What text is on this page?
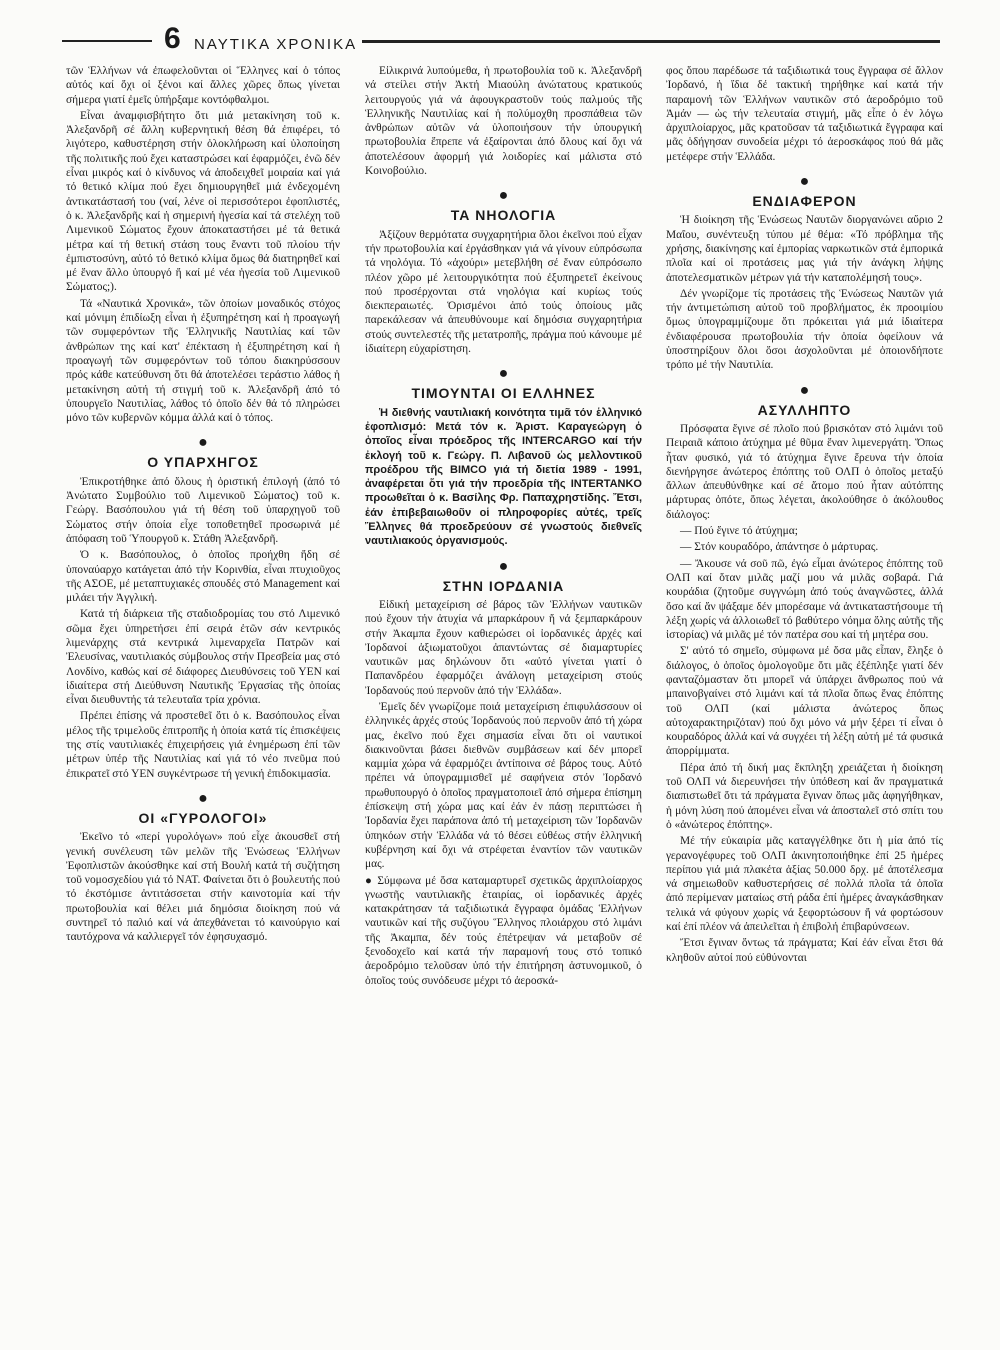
6 ΝΑΥΤΙΚΑ ΧΡΟΝΙΚΑ

τῶν Ἑλλήνων νά ἐπωφελοῦνται οἱ Ἕλληνες καί ὁ τόπος αὐτός καί ὄχι οἱ ξένοι καί ἄλλες χῶρες ὅπως γίνεται σήμερα γιατί ἐμεῖς ὑπήρξαμε κοντόφθαλμοι.

Εἶναι ἀναμφισβήτητο ὅτι μιά μετακίνηση τοῦ κ. Ἀλεξανδρῆ σέ ἄλλη κυβερνητική θέση θά ἐπιφέρει, τό λιγότερο, καθυστέρηση στήν ὁλοκλήρωση καί ὑλοποίηση τῆς πολιτικῆς πού ἔχει καταστρώσει καί ἐφαρμόζει, ἐνῶ δέν εἶναι μικρός καί ὁ κίνδυνος νά ἀποδειχθεῖ μοιραία καί γιά τό θετικό κλίμα πού ἔχει δημιουργηθεῖ μιά ἐνδεχομένη ἀντικατάστασή του (ναί, λένε οἱ περισσότεροι ἐφοπλιστές, ὁ κ. Ἀλεξανδρῆς καί ἡ σημερινή ἡγεσία καί τά στελέχη τοῦ Λιμενικοῦ Σώματος ἔχουν ἀποκαταστήσει μέ τά θετικά μέτρα καί τή θετική στάση τους ἔναντι τοῦ πλοίου τήν ἐμπιστοσύνη, αὐτό τό θετικό κλίμα ὅμως θά διατηρηθεῖ καί μέ ἕναν ἄλλο ὑπουργό ἤ καί μέ νέα ἡγεσία τοῦ Λιμενικοῦ Σώματος;).

Τά «Ναυτικά Χρονικά», τῶν ὁποίων μοναδικός στόχος καί μόνιμη ἐπιδίωξη εἶναι ἡ ἐξυπηρέτηση καί ἡ προαγωγή τῶν συμφερόντων τῆς Ἑλληνικῆς Ναυτιλίας καί τῶν ἀνθρώπων της καί κατ' ἐπέκταση ἡ ἐξυπηρέτηση καί ἡ προαγωγή τῶν συμφερόντων τοῦ τόπου διακηρύσσουν πρός κάθε κατεύθυνση ὅτι θά ἀποτελέσει τεράστιο λάθος ἡ μετακίνηση αὐτή τή στιγμή τοῦ κ. Ἀλεξανδρῆ ἀπό τό ὑπουργεῖο Ναυτιλίας, λάθος τό ὁποῖο δέν θά τό πληρώσει μόνο τῶν κυβερνῶν κόμμα ἀλλά καί ὁ τόπος.

●
Ο ΥΠΑΡΧΗΓΟΣ

Ἐπικροτήθηκε ἀπό ὅλους ἡ ὁριστική ἐπιλογή (ἀπό τό Ἀνώτατο Συμβούλιο τοῦ Λιμενικοῦ Σώματος) τοῦ κ. Γεώργ. Βασόπουλου γιά τή θέση τοῦ ὑπαρχηγοῦ τοῦ Σώματος στήν ὁποία εἶχε τοποθετηθεῖ προσωρινά μέ ἀπόφαση τοῦ Ὑπουργοῦ κ. Στάθη Ἀλεξανδρῆ.

Ὁ κ. Βασόπουλος, ὁ ὁποῖος προήχθη ἤδη σέ ὑποναύαρχο κατάγεται ἀπό τήν Κορινθία, εἶναι πτυχιοῦχος τῆς ΑΣΟΕ, μέ μεταπτυχιακές σπουδές στό Management καί μιλάει τήν Ἀγγλική.

Κατά τή διάρκεια τῆς σταδιοδρομίας του στό Λιμενικό σῶμα ἔχει ὑπηρετήσει ἐπί σειρά ἐτῶν σάν κεντρικός λιμενάρχης στά κεντρικά λιμεναρχεῖα Πατρῶν καί Ἐλευσίνας, ναυτιλιακός σύμβουλος στήν Πρεσβεία μας στό Λονδίνο, καθώς καί σέ διάφορες Διευθύνσεις τοῦ ΥΕΝ καί ἰδιαίτερα στή Διεύθυνση Ναυτικῆς Ἐργασίας τῆς ὁποίας εἶναι διευθυντής τά τελευταῖα τρία χρόνια.

Πρέπει ἐπίσης νά προστεθεῖ ὅτι ὁ κ. Βασόπουλος εἶναι μέλος τῆς τριμελοῦς ἐπιτροπῆς ἡ ὁποία κατά τίς ἐπισκέψεις της στίς ναυτιλιακές ἐπιχειρήσεις γιά ἐνημέρωση ἐπί τῶν μέτρων ὑπέρ τῆς Ναυτιλίας καί γιά τό νέο πνεῦμα πού ἐπικρατεῖ στό ΥΕΝ συγκέντρωσε τή γενική ἐπιδοκιμασία.

●
ΟΙ «ΓΥΡΟΛΟΓΟΙ»

Ἐκεῖνο τό «περί γυρολόγων» πού εἶχε ἀκουσθεῖ στή γενική συνέλευση τῶν μελῶν τῆς Ἑνώσεως Ἑλλήνων Ἐφοπλιστῶν ἀκούσθηκε καί στή Βουλή κατά τή συζήτηση τοῦ νομοσχεδίου γιά τό ΝΑΤ. Φαίνεται ὅτι ὁ βουλευτής πού τό ἐκστόμισε ἀντιτάσσεται στήν καινοτομία καί τήν πρωτοβουλία καί θέλει μιά δημόσια διοίκηση πού νά συντηρεῖ τό παλιό καί νά ἀπεχθάνεται τό καινούργιο καί ταυτόχρονα νά καλλιεργεῖ τόν ἐφησυχασμό.

Εἰλικρινά λυπούμεθα, ἡ πρωτοβουλία τοῦ κ. Ἀλεξανδρῆ νά στείλει στήν Ἀκτή Μιαούλη ἀνώτατους κρατικούς λειτουργούς γιά νά ἀφουγκραστοῦν τούς παλμούς τῆς Ἑλληνικῆς Ναυτιλίας καί ἡ πολύμοχθη προσπάθεια τῶν ἀνθρώπων αὐτῶν νά ὑλοποιήσουν τήν ὑπουργική πρωτοβουλία ἔπρεπε νά ἐξαίρονται ἀπό ὅλους καί ὄχι νά ἀποτελέσουν ἀφορμή γιά λοιδορίες καί μάλιστα στό Κοινοβούλιο.

●
ΤΑ ΝΗΟΛΟΓΙΑ

Ἀξίζουν θερμότατα συγχαρητήρια ὅλοι ἐκεῖνοι πού εἶχαν τήν πρωτοβουλία καί ἐργάσθηκαν γιά νά γίνουν εὐπρόσωπα τά νηολόγια. Τό «ἀχούρι» μετεβλήθη σέ ἕναν εὐπρόσωπο πλέον χῶρο μέ λειτουργικότητα πού ἐξυπηρετεῖ ἐκείνους πού προσέρχονται στά νηολόγια καί κυρίως τούς διεκπεραιωτές. Ὁρισμένοι ἀπό τούς ὁποίους μᾶς παρεκάλεσαν νά ἀπευθύνουμε καί δημόσια συγχαρητήρια στούς συντελεστές τῆς μετατροπῆς, πράγμα πού κάνουμε μέ ἰδιαίτερη εὐχαρίστηση.

●
ΤΙΜΟΥΝΤΑΙ ΟΙ ΕΛΛΗΝΕΣ

Ἡ διεθνής ναυτιλιακή κοινότητα τιμᾶ τόν ἑλληνικό ἐφοπλισμό: Μετά τόν κ. Ἀριστ. Καραγεώργη ὁ ὁποῖος εἶναι πρόεδρος τῆς INTERCARGO καί τήν ἐκλογή τοῦ κ. Γεώργ. Π. Λιβανοῦ ὡς μελλοντικοῦ προέδρου τῆς BIMCO γιά τή διετία 1989 - 1991, ἀναφέρεται ὅτι γιά τήν προεδρία τῆς INTERTANKO προωθεῖται ὁ κ. Βασίλης Φρ. Παπαχρηστίδης. Ἔτσι, ἐάν ἐπιβεβαιωθοῦν οἱ πληροφορίες αὐτές, τρεῖς Ἕλληνες θά προεδρεύουν σέ γνωστούς διεθνεῖς ναυτιλιακούς ὀργανισμούς.

●
ΣΤΗΝ ΙΟΡΔΑΝΙΑ

Εἰδική μεταχείριση σέ βάρος τῶν Ἑλλήνων ναυτικῶν πού ἔχουν τήν ἀτυχία νά μπαρκάρουν ἤ νά ξεμπαρκάρουν στήν Ἀκαμπα ἔχουν καθιερώσει οἱ ἰορδανικές ἀρχές καί Ἰορδανοί ἀξιωματοῦχοι ἀπαντώντας σέ διαμαρτυρίες ναυτικῶν μας δηλώνουν ὅτι «αὐτό γίνεται γιατί ὁ Παπανδρέου ἐφαρμόζει ἀνάλογη μεταχείριση στούς Ἰορδανούς πού περνοῦν ἀπό τήν Ἑλλάδα».

Ἐμεῖς δέν γνωρίζομε ποιά μεταχείριση ἐπιφυλάσσουν οἱ ἑλληνικές ἀρχές στούς Ἰορδανούς πού περνοῦν ἀπό τή χώρα μας, ἐκεῖνο πού ἔχει σημασία εἶναι ὅτι οἱ ναυτικοί διακινοῦνται βάσει διεθνῶν συμβάσεων καί δέν μπορεῖ καμμία χώρα νά ἐφαρμόζει ἀντίποινα σέ βάρος τους. Αὐτό πρέπει νά ὑπογραμμισθεῖ μέ σαφήνεια στόν Ἰορδανό πρωθυπουργό ὁ ὁποῖος πραγματοποιεῖ ἀπό σήμερα ἐπίσημη ἐπίσκεψη στή χώρα μας καί ἐάν ἐν πάσῃ περιπτώσει ἡ Ἰορδανία ἔχει παράπονα ἀπό τή μεταχείριση τῶν Ἰορδανῶν ὑπηκόων στήν Ἑλλάδα νά τό θέσει εὐθέως στήν ἑλληνική κυβέρνηση καί ὄχι νά στρέφεται ἐναντίον τῶν ναυτικῶν μας.

● Σύμφωνα μέ ὅσα καταμαρτυρεῖ σχετικῶς ἀρχιπλοίαρχος γνωστῆς ναυτιλιακῆς ἑταιρίας, οἱ ἰορδανικές ἀρχές κατακράτησαν τά ταξιδιωτικά ἔγγραφα ὁμάδας Ἑλλήνων ναυτικῶν καί τῆς συζύγου Ἕλληνος πλοιάρχου στό λιμάνι τῆς Ἀκαμπα, δέν τούς ἐπέτρεψαν νά μεταβοῦν σέ ξενοδοχεῖο καί κατά τήν παραμονή τους στό τοπικό ἀεροδρόμιο τελοῦσαν ὑπό τήν ἐπιτήρηση ἀστυνομικοῦ, ὁ ὁποῖος τούς συνόδευσε μέχρι τό ἀεροσκά-

φος ὅπου παρέδωσε τά ταξιδιωτικά τους ἔγγραφα σέ ἄλλον Ἰορδανό, ἡ ἴδια δέ τακτική τηρήθηκε καί κατά τήν παραμονή τῶν Ἑλλήνων ναυτικῶν στό ἀεροδρόμιο τοῦ Ἀμάν — ὡς τήν τελευταία στιγμή, μᾶς εἶπε ὁ ἐν λόγω ἀρχιπλοίαρχος, μᾶς κρατοῦσαν τά ταξιδιωτικά ἔγγραφα καί μᾶς ὁδήγησαν συνοδεία μέχρι τό ἀεροσκάφος πού θά μᾶς μετέφερε στήν Ἑλλάδα.

●
ΕΝΔΙΑΦΕΡΟΝ

Ἡ διοίκηση τῆς Ἑνώσεως Ναυτῶν διοργανώνει αὔριο 2 Μαΐου, συνέντευξη τύπου μέ θέμα: «Τό πρόβλημα τῆς χρήσης, διακίνησης καί ἐμπορίας ναρκωτικῶν στά ἐμπορικά πλοῖα καί οἱ προτάσεις μας γιά τήν ἀνάγκη λήψης ἀποτελεσματικῶν μέτρων γιά τήν καταπολέμησή τους».

Δέν γνωρίζομε τίς προτάσεις τῆς Ἑνώσεως Ναυτῶν γιά τήν ἀντιμετώπιση αὐτοῦ τοῦ προβλήματος, ἐκ προοιμίου ὅμως ὑπογραμμίζουμε ὅτι πρόκειται γιά μιά ἰδιαίτερα ἐνδιαφέρουσα πρωτοβουλία τήν ὁποία ὀφείλουν νά ὑποστηρίξουν ὅλοι ὅσοι ἀσχολοῦνται μέ ὁποιονδήποτε τρόπο μέ τήν Ναυτιλία.

●
ΑΣΥΛΛΗΠΤΟ

Πρόσφατα ἔγινε σέ πλοῖο πού βρισκόταν στό λιμάνι τοῦ Πειραιᾶ κάποιο ἀτύχημα μέ θῦμα ἕναν λιμενεργάτη. Ὅπως ἦταν φυσικό, γιά τό ἀτύχημα ἔγινε ἔρευνα τήν ὁποία διενήργησε ἀνώτερος ἐπόπτης τοῦ ΟΛΠ ὁ ὁποῖος μεταξύ ἄλλων ἀπευθύνθηκε καί σέ ἄτομο πού ἦταν αὐτόπτης μάρτυρας ὁπότε, ὅπως λέγεται, ἀκολούθησε ὁ ἀκόλουθος διάλογος:

— Πού ἔγινε τό ἀτύχημα;

— Στόν κουραδόρο, ἀπάντησε ὁ μάρτυρας.

— Ἄκουσε νά σοῦ πῶ, ἐγώ εἶμαι ἀνώτερος ἐπόπτης τοῦ ΟΛΠ καί ὅταν μιλᾶς μαζί μου νά μιλᾶς σοβαρά. Γιά κουράδια (ζητοῦμε συγγνώμη ἀπό τούς ἀναγνῶστες, ἀλλά ὅσο καί ἄν ψάξαμε δέν μπορέσαμε νά ἀντικαταστήσουμε τή λέξη χωρίς νά ἀλλοιωθεῖ τό βαθύτερο νόημα ὅλης αὐτῆς τῆς ἱστορίας) νά μιλᾶς μέ τόν πατέρα σου καί τή μητέρα σου.

Σ' αὐτό τό σημεῖο, σύμφωνα μέ ὅσα μᾶς εἶπαν, ἔληξε ὁ διάλογος, ὁ ὁποῖος ὁμολογοῦμε ὅτι μᾶς ἐξέπληξε γιατί δέν φανταζόμασταν ὅτι μπορεῖ νά ὑπάρχει ἄνθρωπος πού νά μπαινοβγαίνει στό λιμάνι καί τά πλοῖα ὅπως ἕνας ἐπόπτης τοῦ ΟΛΠ (καί μάλιστα ἀνώτερος ὅπως αὐτοχαρακτηριζόταν) πού ὄχι μόνο νά μήν ξέρει τί εἶναι ὁ κουραδόρος ἀλλά καί νά συγχέει τή λέξη αὐτή μέ τά φυσικά ἀπορρίμματα.

Πέρα ἀπό τή δική μας ἔκπληξη χρειάζεται ἡ διοίκηση τοῦ ΟΛΠ νά διερευνήσει τήν ὑπόθεση καί ἄν πραγματικά διαπιστωθεῖ ὅτι τά πράγματα ἔγιναν ὅπως μᾶς ἀφηγήθηκαν, ἡ μόνη λύση πού ἀπομένει εἶναι νά ἀποσταλεῖ στό σπίτι του ὁ «ἀνώτερος ἐπόπτης».

Μέ τήν εὐκαιρία μᾶς καταγγέλθηκε ὅτι ἡ μία ἀπό τίς γερανογέφυρες τοῦ ΟΛΠ ἀκινητοποιήθηκε ἐπί 25 ἡμέρες περίπου γιά μιά πλακέτα ἀξίας 50.000 δρχ. μέ ἀποτέλεσμα νά σημειωθοῦν καθυστερήσεις σέ πολλά πλοῖα τά ὁποῖα ἀπό περίμεναν ματαίως στή ράδα ἐπί ἡμέρες ἀναγκάσθηκαν τελικά νά φύγουν χωρίς νά ξεφορτώσουν ἤ νά φορτώσουν καί ἐπί πλέον νά ἀπειλεῖται ἡ ἐπιβολή ἐπιβαρύνσεων.

Ἔτσι ἔγιναν ὄντως τά πράγματα; Καί ἐάν εἶναι ἔτσι θά κληθοῦν αὐτοί πού εὐθύνονται
